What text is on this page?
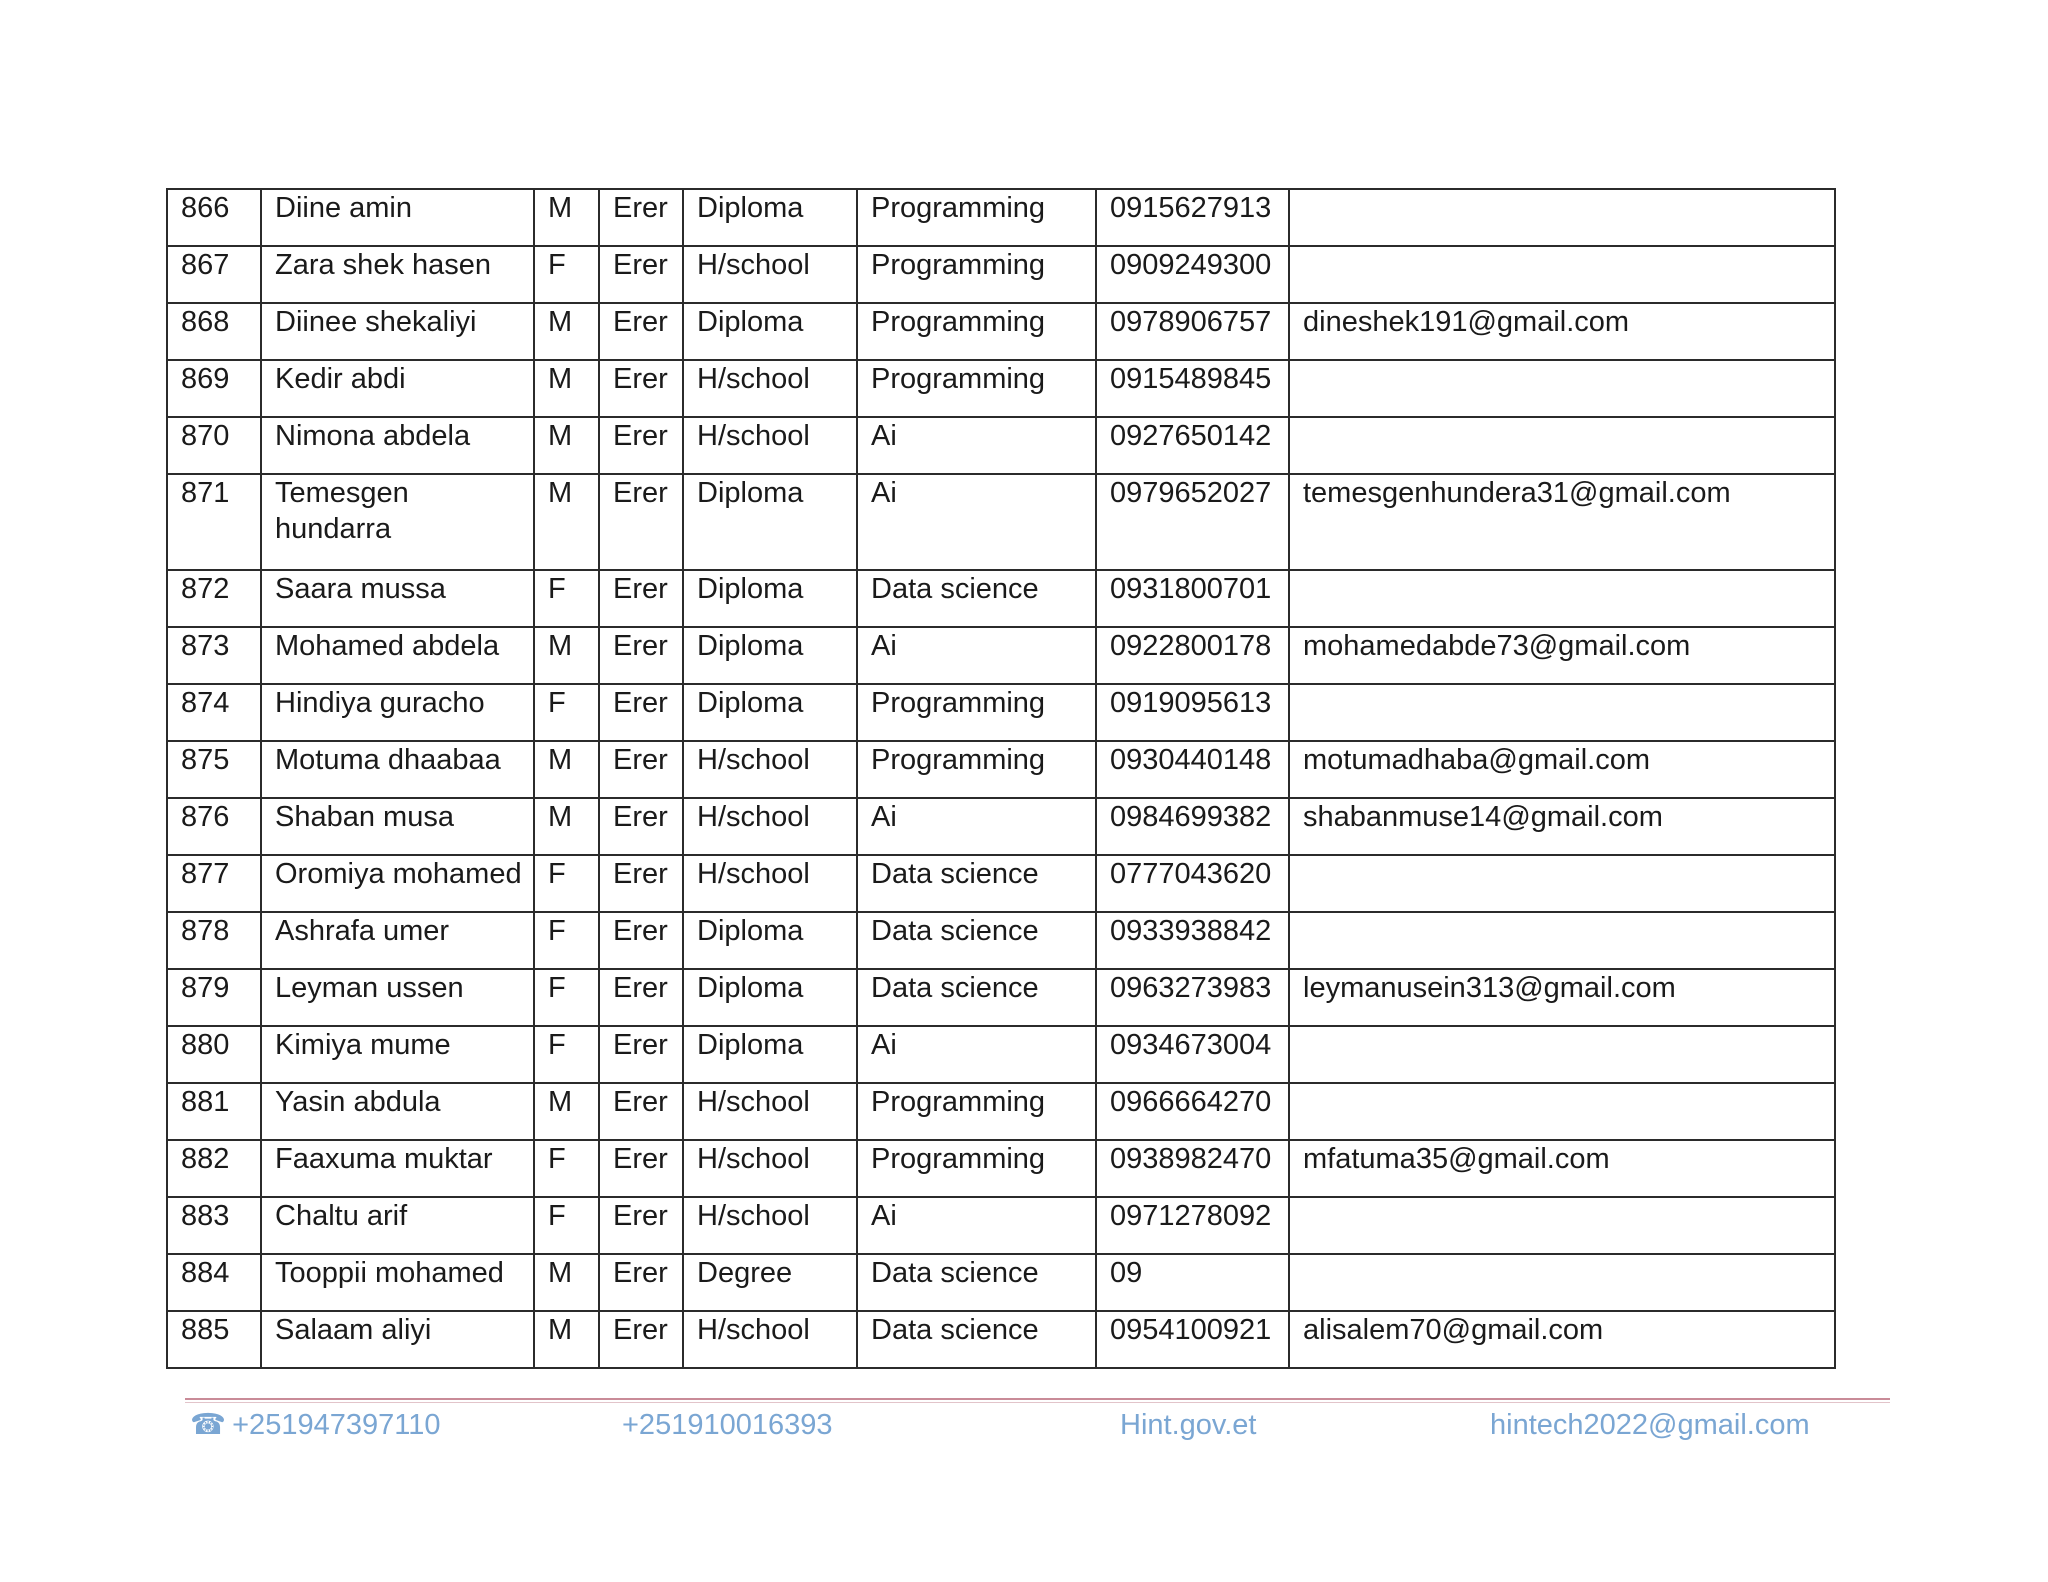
866	Diine amin	M	Erer	Diploma	Programming	0915627913	
867	Zara shek hasen	F	Erer	H/school	Programming	0909249300	
868	Diinee shekaliyi	M	Erer	Diploma	Programming	0978906757	dineshek191@gmail.com
869	Kedir abdi	M	Erer	H/school	Programming	0915489845	
870	Nimona abdela	M	Erer	H/school	Ai	0927650142	
871	Temesgen hundarra	M	Erer	Diploma	Ai	0979652027	temesgenhundera31@gmail.com
872	Saara mussa	F	Erer	Diploma	Data science	0931800701	
873	Mohamed abdela	M	Erer	Diploma	Ai	0922800178	mohamedabde73@gmail.com
874	Hindiya guracho	F	Erer	Diploma	Programming	0919095613	
875	Motuma dhaabaa	M	Erer	H/school	Programming	0930440148	motumadhaba@gmail.com
876	Shaban musa	M	Erer	H/school	Ai	0984699382	shabanmuse14@gmail.com
877	Oromiya mohamed	F	Erer	H/school	Data science	0777043620	
878	Ashrafa umer	F	Erer	Diploma	Data science	0933938842	
879	Leyman ussen	F	Erer	Diploma	Data science	0963273983	leymanusein313@gmail.com
880	Kimiya mume	F	Erer	Diploma	Ai	0934673004	
881	Yasin abdula	M	Erer	H/school	Programming	0966664270	
882	Faaxuma muktar	F	Erer	H/school	Programming	0938982470	mfatuma35@gmail.com
883	Chaltu arif	F	Erer	H/school	Ai	0971278092	
884	Tooppii mohamed	M	Erer	Degree	Data science	09	
885	Salaam aliyi	M	Erer	H/school	Data science	0954100921	alisalem70@gmail.com
☎ +251947397110	+251910016393	Hint.gov.et	hintech2022@gmail.com
